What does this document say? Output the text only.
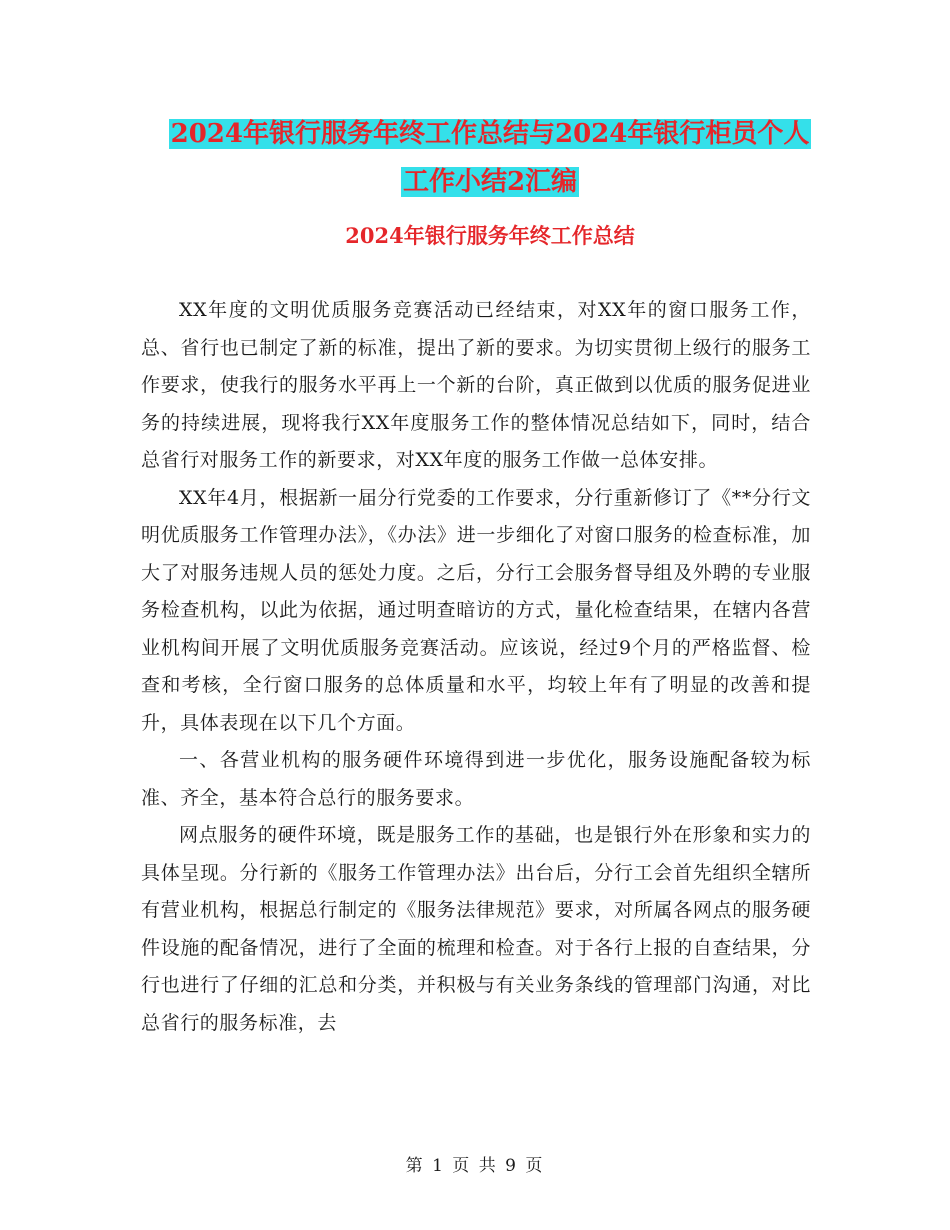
2024年银行服务年终工作总结与2024年银行柜员个人
工作小结2汇编
2024年银行服务年终工作总结

XX年度的文明优质服务竞赛活动已经结束，对XX年的窗口服务工作，总、省行也已制定了新的标准，提出了新的要求。为切实贯彻上级行的服务工作要求，使我行的服务水平再上一个新的台阶，真正做到以优质的服务促进业务的持续进展，现将我行XX年度服务工作的整体情况总结如下，同时，结合总省行对服务工作的新要求，对XX年度的服务工作做一总体安排。

XX年4月，根据新一届分行党委的工作要求，分行重新修订了《**分行文明优质服务工作管理办法》，《办法》进一步细化了对窗口服务的检查标准，加大了对服务违规人员的惩处力度。之后，分行工会服务督导组及外聘的专业服务检查机构，以此为依据，通过明查暗访的方式，量化检查结果，在辖内各营业机构间开展了文明优质服务竞赛活动。应该说，经过9个月的严格监督、检查和考核，全行窗口服务的总体质量和水平，均较上年有了明显的改善和提升，具体表现在以下几个方面。

一、各营业机构的服务硬件环境得到进一步优化，服务设施配备较为标准、齐全，基本符合总行的服务要求。

网点服务的硬件环境，既是服务工作的基础，也是银行外在形象和实力的具体呈现。分行新的《服务工作管理办法》出台后，分行工会首先组织全辖所有营业机构，根据总行制定的《服务法律规范》要求，对所属各网点的服务硬件设施的配备情况，进行了全面的梳理和检查。对于各行上报的自查结果，分行也进行了仔细的汇总和分类，并积极与有关业务条线的管理部门沟通，对比总省行的服务标准，去

第 1 页 共 9 页
